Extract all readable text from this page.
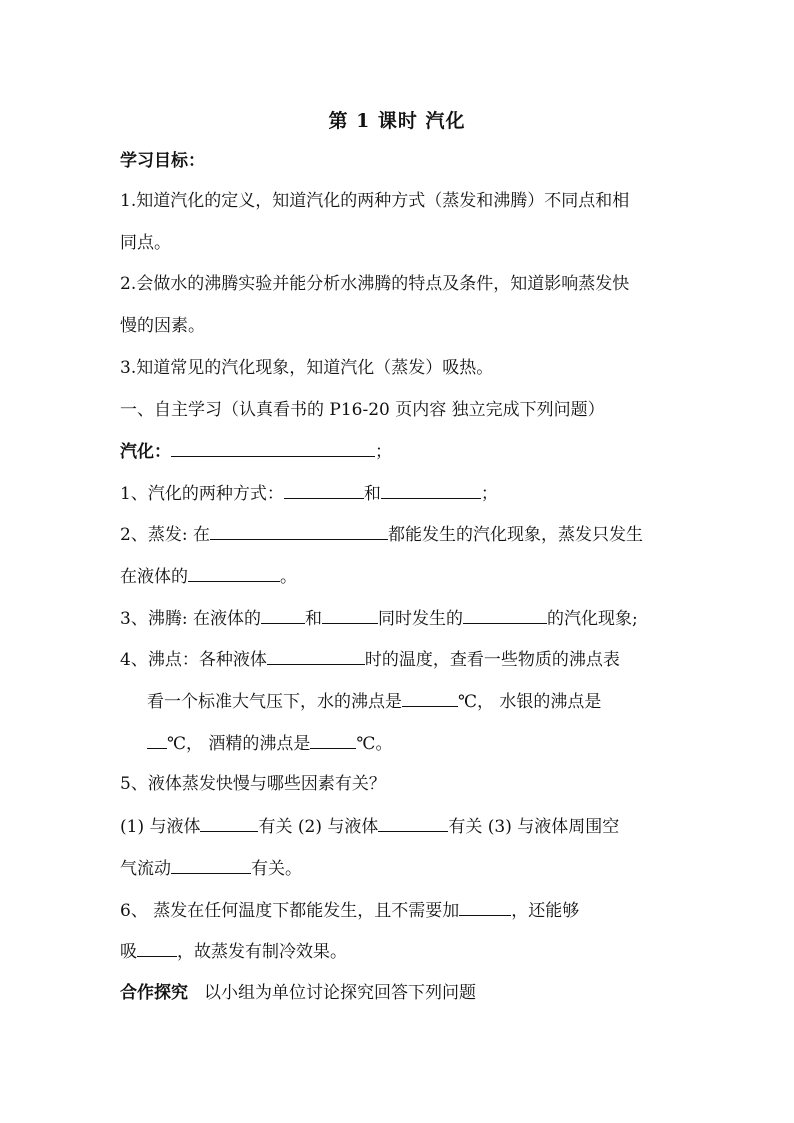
第 1 课时 汽化
学习目标：
1.知道汽化的定义，知道汽化的两种方式（蒸发和沸腾）不同点和相
同点。
2.会做水的沸腾实验并能分析水沸腾的特点及条件，知道影响蒸发快
慢的因素。
3.知道常见的汽化现象，知道汽化（蒸发）吸热。
一、自主学习（认真看书的 P16-20 页内容 独立完成下列问题）
汽化：	；
1、汽化的两种方式：	和	；
2、蒸发: 在	都能发生的汽化现象，蒸发只发生
在液体的	。
3、沸腾: 在液体的	和	同时发生的	的汽化现象;
4、沸点：各种液体	时的温度，查看一些物质的沸点表
看一个标准大气压下，水的沸点是	℃， 水银的沸点是
℃， 酒精的沸点是	℃。
5、液体蒸发快慢与哪些因素有关？
(1) 与液体	有关 (2) 与液体	有关 (3) 与液体周围空
气流动	有关。
6、 蒸发在任何温度下都能发生，且不需要加	，还能够
吸 ，故蒸发有制冷效果。
合作探究 以小组为单位讨论探究回答下列问题
